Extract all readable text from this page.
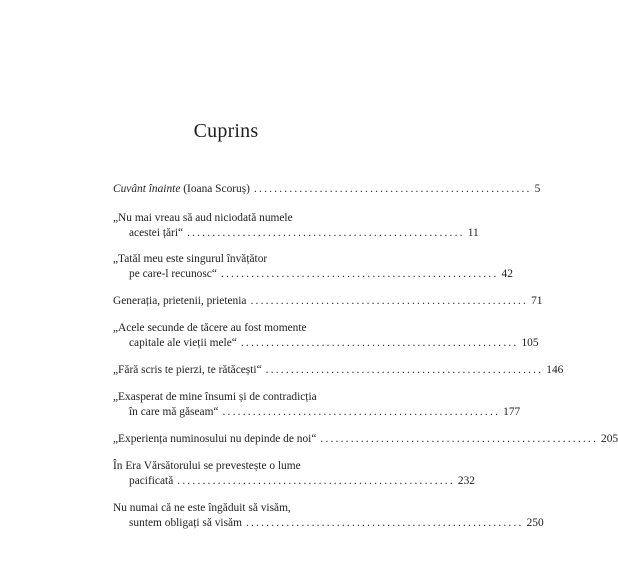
Cuprins
Cuvânt înainte (Ioana Scoruș) ....................................................... 5
„Nu mai vreau să aud niciodată numele
acestei țări“ ....................................................... 11
„Tatăl meu este singurul învățător
pe care-l recunosc“ ....................................................... 42
Generația, prietenii, prietenia ....................................................... 71
„Acele secunde de tăcere au fost momente
capitale ale vieții mele“ ....................................................... 105
„Fără scris te pierzi, te rătăcești“ ....................................................... 146
„Exasperat de mine însumi și de contradicția
în care mă găseam“ ....................................................... 177
„Experiența numinosului nu depinde de noi“ ....................................................... 205
În Era Vărsătorului se prevestește o lume
pacificată ....................................................... 232
Nu numai că ne este îngăduit să visăm,
suntem obligați să visăm ....................................................... 250
